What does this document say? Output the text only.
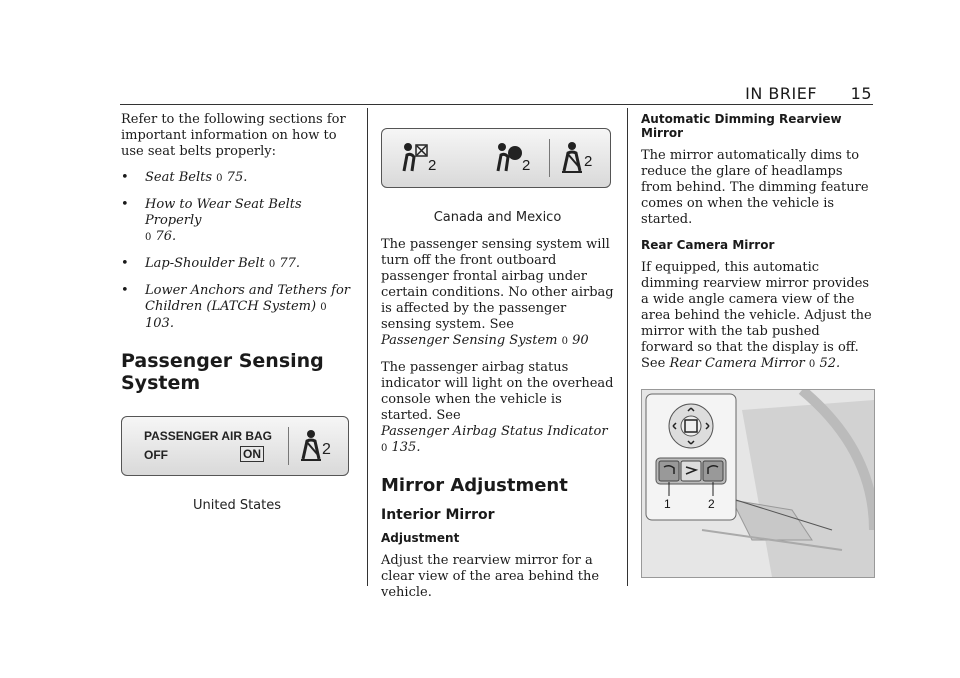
IN BRIEF 15

Refer to the following sections for important information on how to use seat belts properly:

• Seat Belts 0 75.
• How to Wear Seat Belts Properly
0 76.
• Lap-Shoulder Belt 0 77.
• Lower Anchors and Tethers for Children (LATCH System) 0 103.
Passenger Sensing System
PASSENGER AIR BAG
OFF	ON	2
United States
2	2	2
Canada and Mexico

The passenger sensing system will turn off the front outboard passenger frontal airbag under certain conditions. No other airbag is affected by the passenger sensing system. See
Passenger Sensing System 0 90

The passenger airbag status indicator will light on the overhead console when the vehicle is started. See
Passenger Airbag Status Indicator
0 135.

Mirror Adjustment
Interior Mirror
Adjustment

Adjust the rearview mirror for a clear view of the area behind the vehicle.

Automatic Dimming Rearview Mirror

The mirror automatically dims to reduce the glare of headlamps from behind. The dimming feature comes on when the vehicle is started.

Rear Camera Mirror

If equipped, this automatic dimming rearview mirror provides a wide angle camera view of the area behind the vehicle. Adjust the mirror with the tab pushed forward so that the display is off. See Rear Camera Mirror 0 52.

1	2
